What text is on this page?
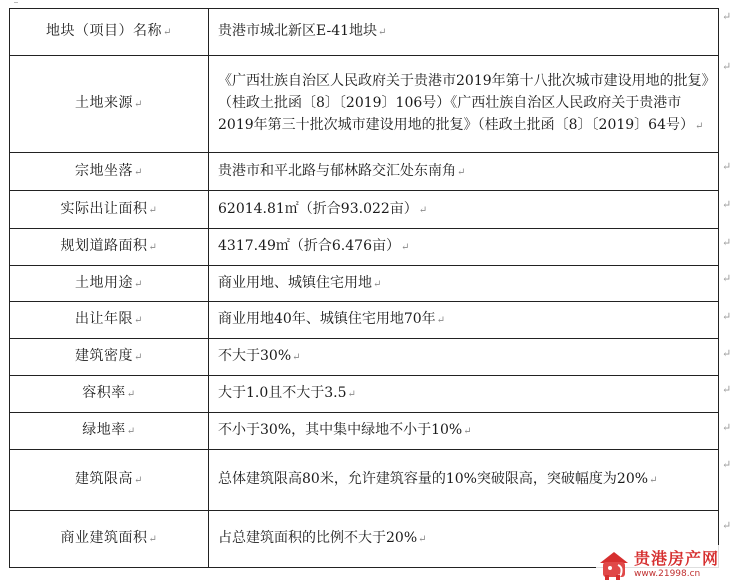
地块（项目）名称↵	贵港市城北新区E-41地块↵
土地来源↵	《广西壮族自治区人民政府关于贵港市2019年第十八批次城市建设用地的批复》（桂政土批函〔8〕〔2019〕106号）《广西壮族自治区人民政府关于贵港市2019年第三十批次城市建设用地的批复》（桂政土批函〔8〕〔2019〕64号）↵
宗地坐落↵	贵港市和平北路与郁林路交汇处东南角↵
实际出让面积↵	62014.81㎡（折合93.022亩）↵
规划道路面积↵	4317.49㎡（折合6.476亩）↵
土地用途↵	商业用地、城镇住宅用地↵
出让年限↵	商业用地40年、城镇住宅用地70年↵
建筑密度↵	不大于30%↵
容积率↵	大于1.0且不大于3.5↵
绿地率↵	不小于30%，其中集中绿地不小于10%↵
建筑限高↵	总体建筑限高80米，允许建筑容量的10%突破限高，突破幅度为20%↵
商业建筑面积↵	占总建筑面积的比例不大于20%↵
↵
↵
↵
↵
↵
↵
↵
↵
↵
↵
↵
↵
贵港房产网
www.21998.cn
